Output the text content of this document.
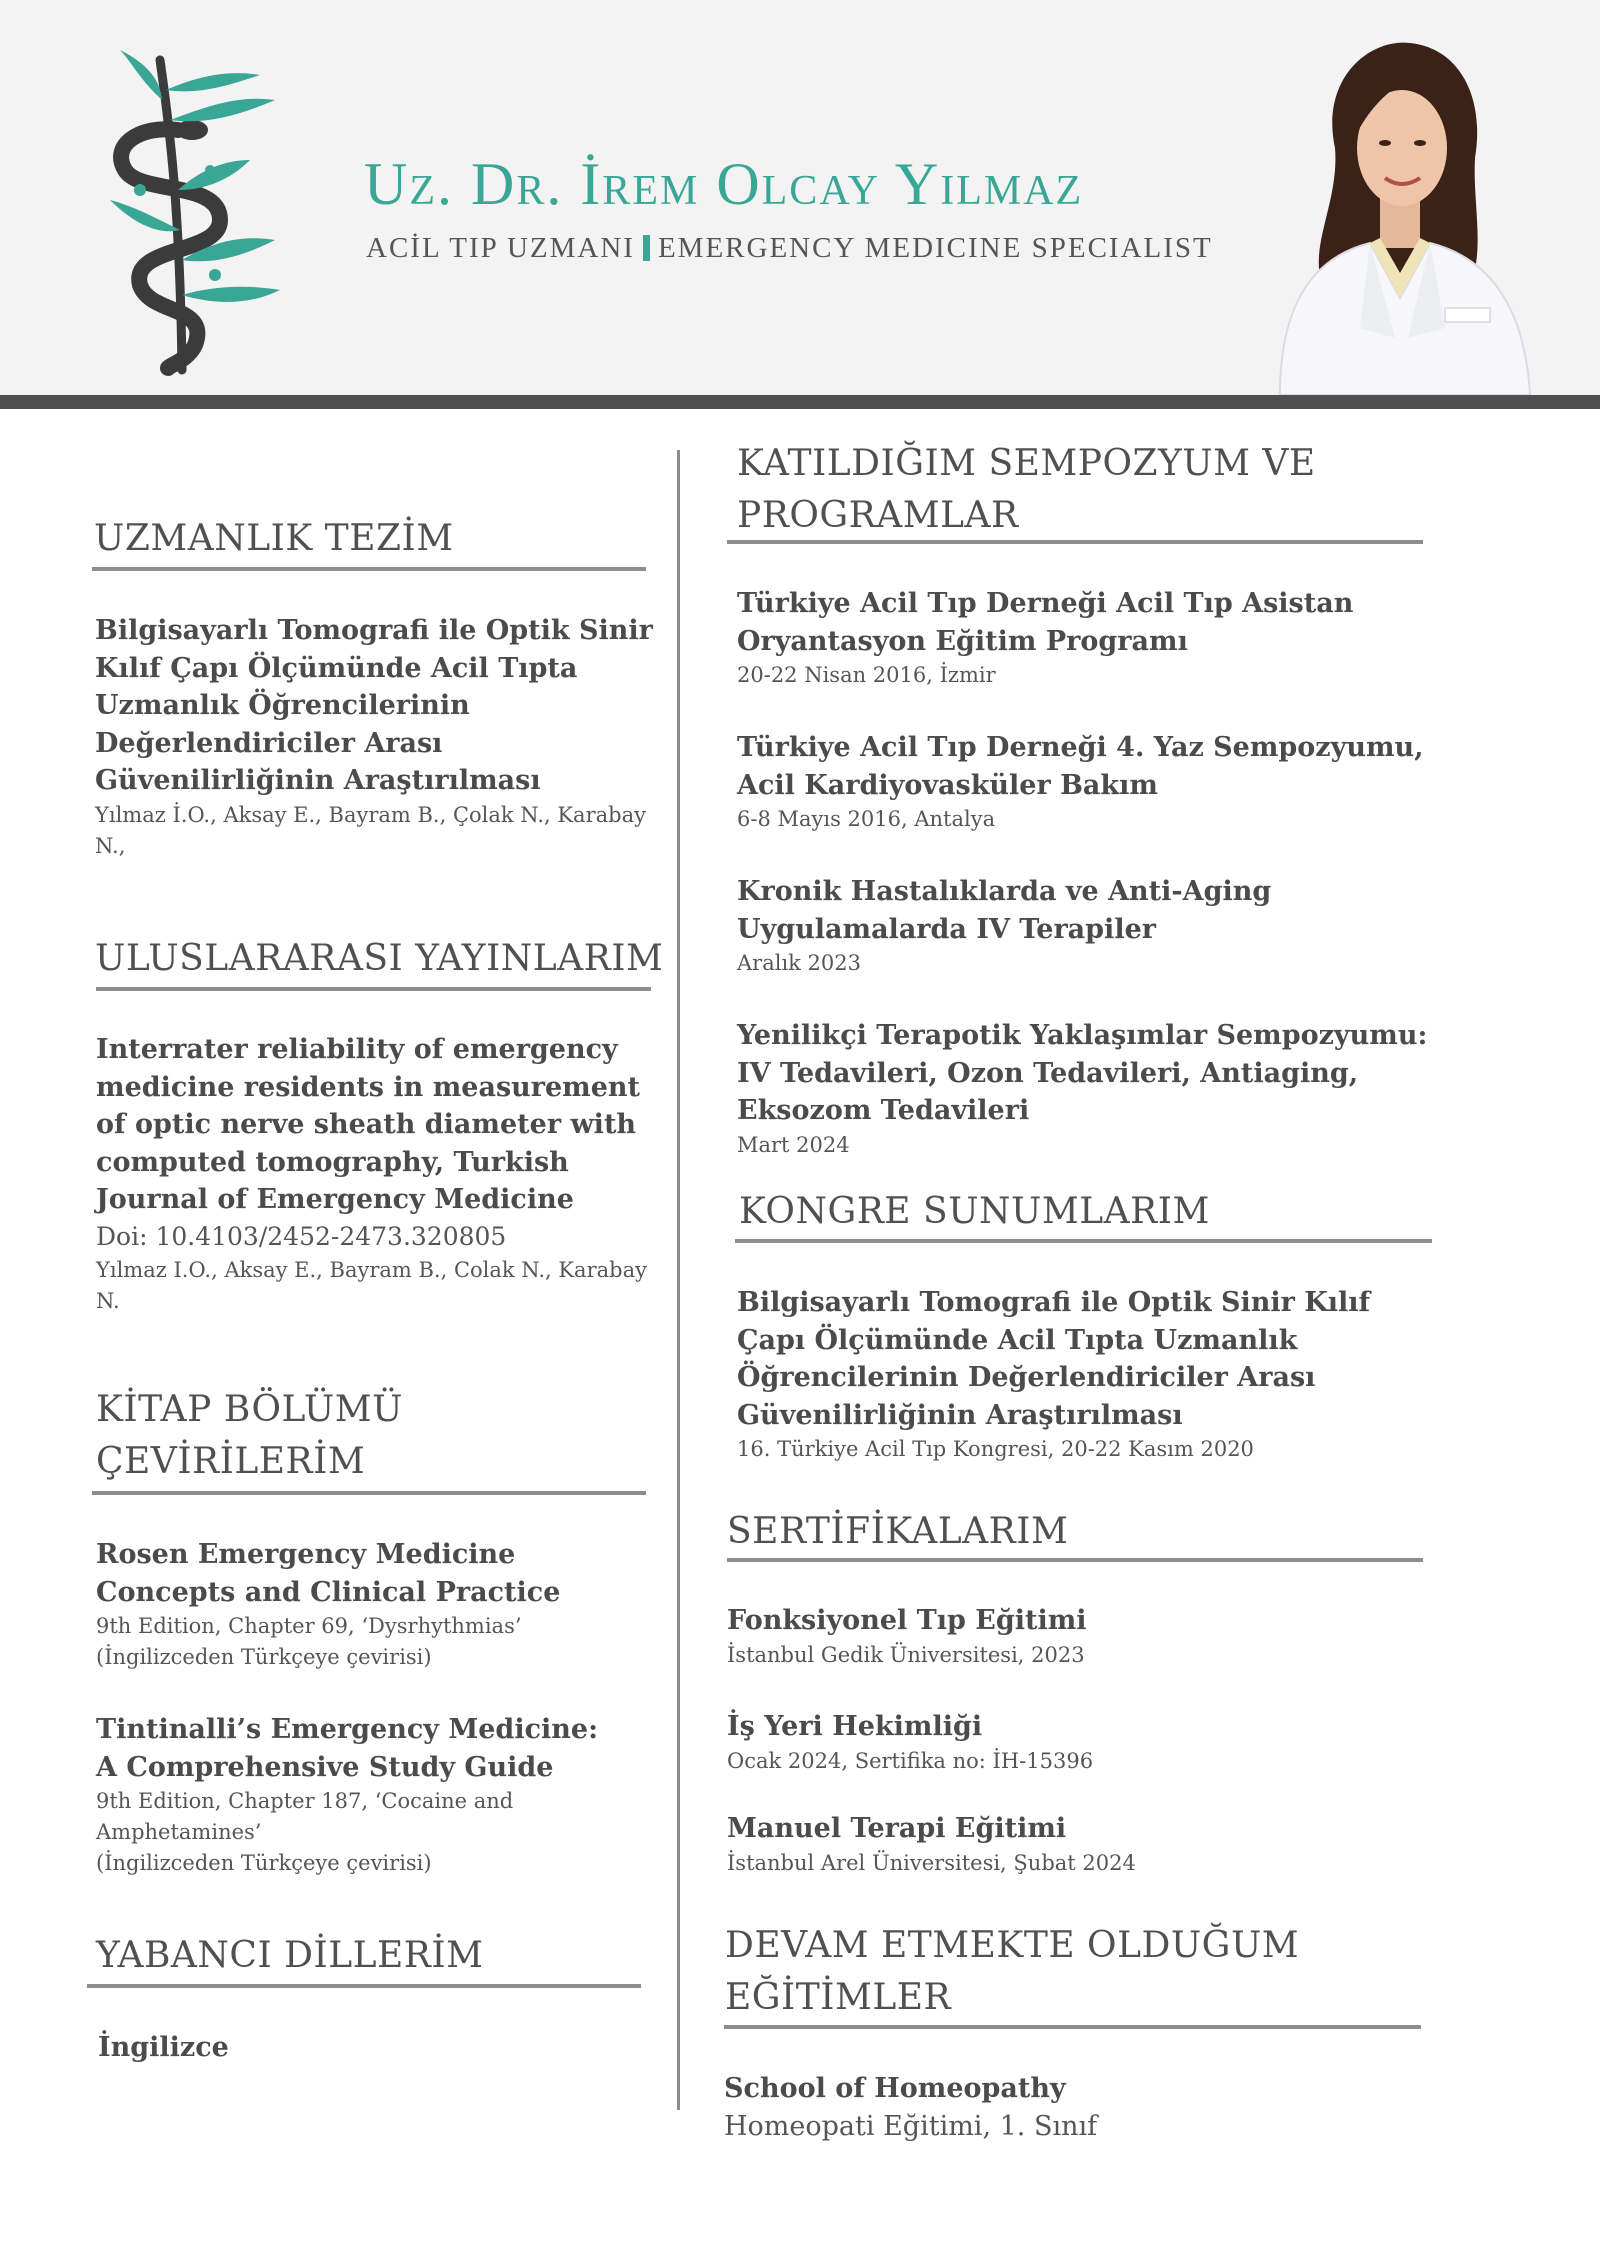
Uz. Dr. İrem Olcay Yılmaz
ACİL TIP UZMANI EMERGENCY MEDICINE SPECIALIST
UZMANLIK TEZİM
Bilgisayarlı Tomografi ile Optik Sinir Kılıf Çapı Ölçümünde Acil Tıpta Uzmanlık Öğrencilerinin Değerlendiriciler Arası Güvenilirliğinin Araştırılması
Yılmaz İ.O., Aksay E., Bayram B., Çolak N., Karabay N.,
ULUSLARARASI YAYINLARIM
Interrater reliability of emergency medicine residents in measurement of optic nerve sheath diameter with computed tomography, Turkish Journal of Emergency Medicine
Doi: 10.4103/2452-2473.320805
Yılmaz I.O., Aksay E., Bayram B., Colak N., Karabay N.
KİTAP BÖLÜMÜ
ÇEVİRİLERİM
Rosen Emergency Medicine Concepts and Clinical Practice
9th Edition, Chapter 69, ‘Dysrhythmias’
(İngilizceden Türkçeye çevirisi)
Tintinalli’s Emergency Medicine: A Comprehensive Study Guide
9th Edition, Chapter 187, ‘Cocaine and Amphetamines’
(İngilizceden Türkçeye çevirisi)
YABANCI DİLLERİM
İngilizce
KATILDIĞIM SEMPOZYUM VE
PROGRAMLAR
Türkiye Acil Tıp Derneği Acil Tıp Asistan Oryantasyon Eğitim Programı
20-22 Nisan 2016, İzmir
Türkiye Acil Tıp Derneği 4. Yaz Sempozyumu, Acil Kardiyovasküler Bakım
6-8 Mayıs 2016, Antalya
Kronik Hastalıklarda ve Anti-Aging Uygulamalarda IV Terapiler
Aralık 2023
Yenilikçi Terapotik Yaklaşımlar Sempozyumu: IV Tedavileri, Ozon Tedavileri, Antiaging, Eksozom Tedavileri
Mart 2024
KONGRE SUNUMLARIM
Bilgisayarlı Tomografi ile Optik Sinir Kılıf Çapı Ölçümünde Acil Tıpta Uzmanlık Öğrencilerinin Değerlendiriciler Arası Güvenilirliğinin Araştırılması
16. Türkiye Acil Tıp Kongresi, 20-22 Kasım 2020
SERTİFİKALARIM
Fonksiyonel Tıp Eğitimi
İstanbul Gedik Üniversitesi, 2023
İş Yeri Hekimliği
Ocak 2024, Sertifika no: İH-15396
Manuel Terapi Eğitimi
İstanbul Arel Üniversitesi, Şubat 2024
DEVAM ETMEKTE OLDUĞUM
EĞİTİMLER
School of Homeopathy
Homeopati Eğitimi, 1. Sınıf
